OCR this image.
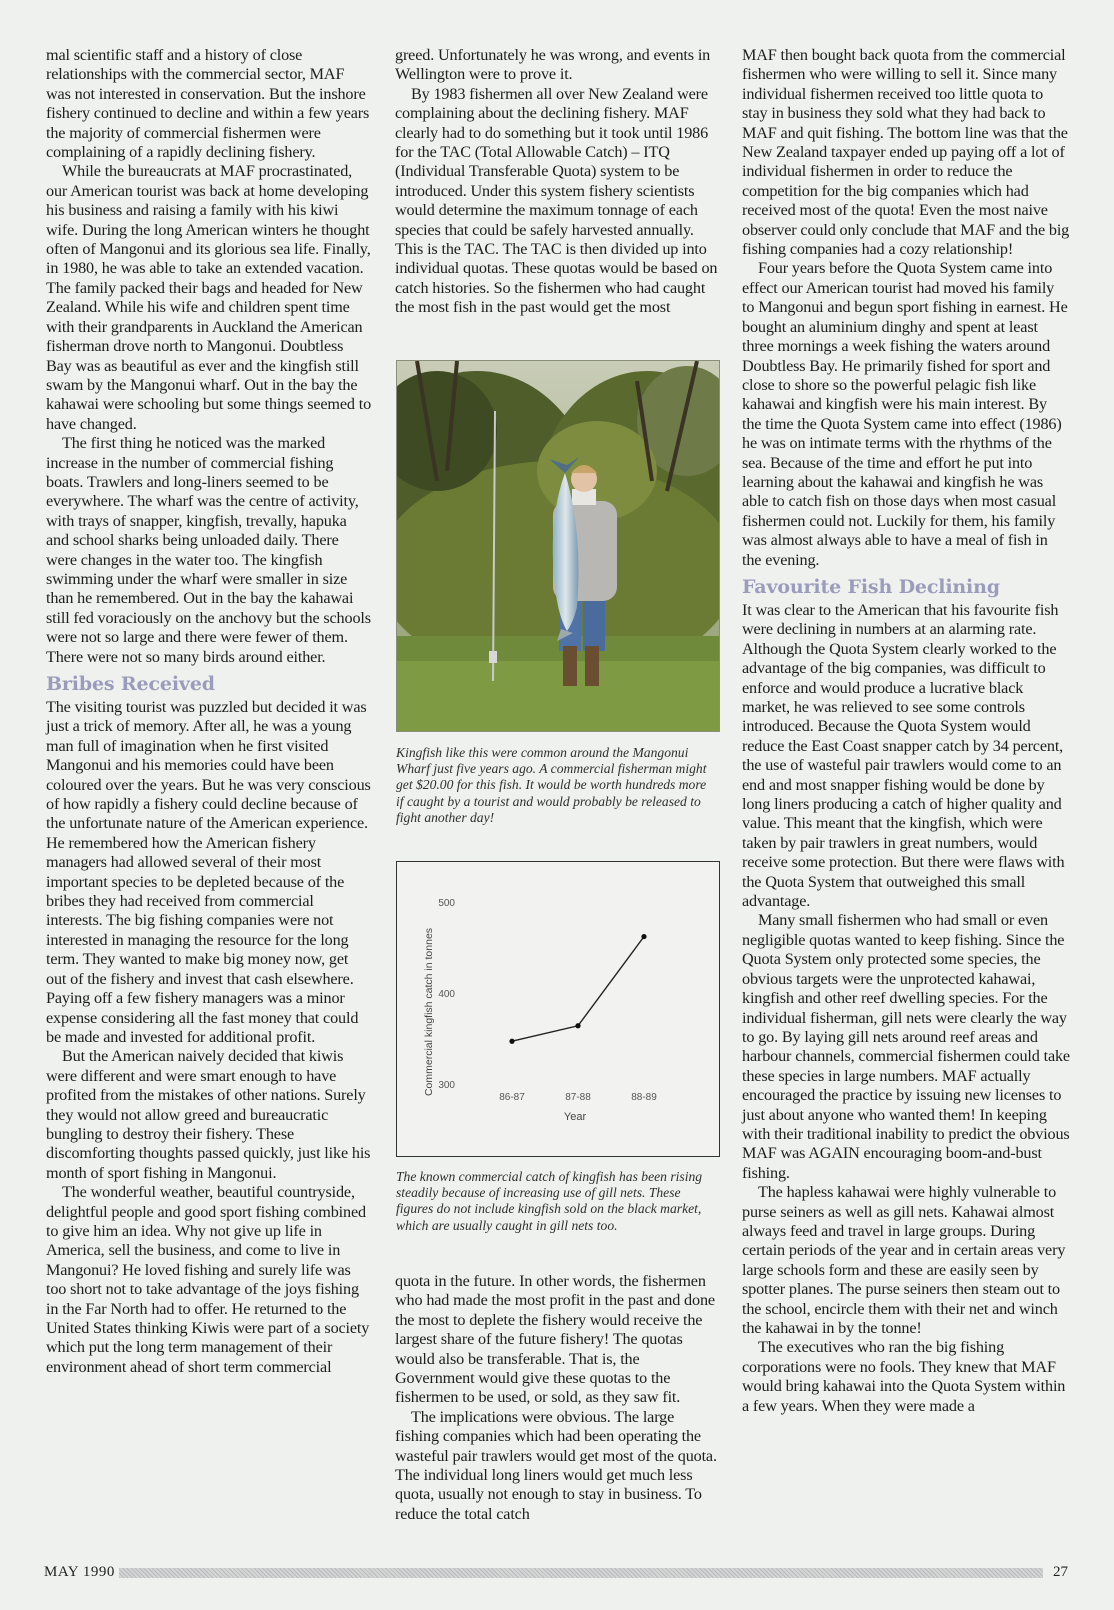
mal scientific staff and a history of close relationships with the commercial sector, MAF was not interested in conservation. But the inshore fishery continued to decline and within a few years the majority of commercial fishermen were complaining of a rapidly declining fishery.

While the bureaucrats at MAF procrastinated, our American tourist was back at home developing his business and raising a family with his kiwi wife. During the long American winters he thought often of Mangonui and its glorious sea life. Finally, in 1980, he was able to take an extended vacation. The family packed their bags and headed for New Zealand. While his wife and children spent time with their grandparents in Auckland the American fisherman drove north to Mangonui. Doubtless Bay was as beautiful as ever and the kingfish still swam by the Mangonui wharf. Out in the bay the kahawai were schooling but some things seemed to have changed.

The first thing he noticed was the marked increase in the number of commercial fishing boats. Trawlers and long-liners seemed to be everywhere. The wharf was the centre of activity, with trays of snapper, kingfish, trevally, hapuka and school sharks being unloaded daily. There were changes in the water too. The kingfish swimming under the wharf were smaller in size than he remembered. Out in the bay the kahawai still fed voraciously on the anchovy but the schools were not so large and there were fewer of them. There were not so many birds around either.

Bribes Received

The visiting tourist was puzzled but decided it was just a trick of memory. After all, he was a young man full of imagination when he first visited Mangonui and his memories could have been coloured over the years. But he was very conscious of how rapidly a fishery could decline because of the unfortunate nature of the American experience. He remembered how the American fishery managers had allowed several of their most important species to be depleted because of the bribes they had received from commercial interests. The big fishing companies were not interested in managing the resource for the long term. They wanted to make big money now, get out of the fishery and invest that cash elsewhere. Paying off a few fishery managers was a minor expense considering all the fast money that could be made and invested for additional profit.

But the American naively decided that kiwis were different and were smart enough to have profited from the mistakes of other nations. Surely they would not allow greed and bureaucratic bungling to destroy their fishery. These discomforting thoughts passed quickly, just like his month of sport fishing in Mangonui.

The wonderful weather, beautiful countryside, delightful people and good sport fishing combined to give him an idea. Why not give up life in America, sell the business, and come to live in Mangonui? He loved fishing and surely life was too short not to take advantage of the joys fishing in the Far North had to offer. He returned to the United States thinking Kiwis were part of a society which put the long term management of their environment ahead of short term commercial

greed. Unfortunately he was wrong, and events in Wellington were to prove it.

By 1983 fishermen all over New Zealand were complaining about the declining fishery. MAF clearly had to do something but it took until 1986 for the TAC (Total Allowable Catch) – ITQ (Individual Transferable Quota) system to be introduced. Under this system fishery scientists would determine the maximum tonnage of each species that could be safely harvested annually. This is the TAC. The TAC is then divided up into individual quotas. These quotas would be based on catch histories. So the fishermen who had caught the most fish in the past would get the most

Kingfish like this were common around the Mangonui Wharf just five years ago. A commercial fisherman might get $20.00 for this fish. It would be worth hundreds more if caught by a tourist and would probably be released to fight another day!
Commercial kingfish catch in tonnes 300
400
500
86-87	87-88	88-89
Year
The known commercial catch of kingfish has been rising steadily because of increasing use of gill nets. These figures do not include kingfish sold on the black market, which are usually caught in gill nets too.

quota in the future. In other words, the fishermen who had made the most profit in the past and done the most to deplete the fishery would receive the largest share of the future fishery! The quotas would also be transferable. That is, the Government would give these quotas to the fishermen to be used, or sold, as they saw fit.

The implications were obvious. The large fishing companies which had been operating the wasteful pair trawlers would get most of the quota. The individual long liners would get much less quota, usually not enough to stay in business. To reduce the total catch

MAF then bought back quota from the commercial fishermen who were willing to sell it. Since many individual fishermen received too little quota to stay in business they sold what they had back to MAF and quit fishing. The bottom line was that the New Zealand taxpayer ended up paying off a lot of individual fishermen in order to reduce the competition for the big companies which had received most of the quota! Even the most naive observer could only conclude that MAF and the big fishing companies had a cozy relationship!

Four years before the Quota System came into effect our American tourist had moved his family to Mangonui and begun sport fishing in earnest. He bought an aluminium dinghy and spent at least three mornings a week fishing the waters around Doubtless Bay. He primarily fished for sport and close to shore so the powerful pelagic fish like kahawai and kingfish were his main interest. By the time the Quota System came into effect (1986) he was on intimate terms with the rhythms of the sea. Because of the time and effort he put into learning about the kahawai and kingfish he was able to catch fish on those days when most casual fishermen could not. Luckily for them, his family was almost always able to have a meal of fish in the evening.

Favourite Fish Declining

It was clear to the American that his favourite fish were declining in numbers at an alarming rate. Although the Quota System clearly worked to the advantage of the big companies, was difficult to enforce and would produce a lucrative black market, he was relieved to see some controls introduced. Because the Quota System would reduce the East Coast snapper catch by 34 percent, the use of wasteful pair trawlers would come to an end and most snapper fishing would be done by long liners producing a catch of higher quality and value. This meant that the kingfish, which were taken by pair trawlers in great numbers, would receive some protection. But there were flaws with the Quota System that outweighed this small advantage.

Many small fishermen who had small or even negligible quotas wanted to keep fishing. Since the Quota System only protected some species, the obvious targets were the unprotected kahawai, kingfish and other reef dwelling species. For the individual fisherman, gill nets were clearly the way to go. By laying gill nets around reef areas and harbour channels, commercial fishermen could take these species in large numbers. MAF actually encouraged the practice by issuing new licenses to just about anyone who wanted them! In keeping with their traditional inability to predict the obvious MAF was AGAIN encouraging boom-and-bust fishing.

The hapless kahawai were highly vulnerable to purse seiners as well as gill nets. Kahawai almost always feed and travel in large groups. During certain periods of the year and in certain areas very large schools form and these are easily seen by spotter planes. The purse seiners then steam out to the school, encircle them with their net and winch the kahawai in by the tonne!

The executives who ran the big fishing corporations were no fools. They knew that MAF would bring kahawai into the Quota System within a few years. When they were made a

MAY 1990	27
